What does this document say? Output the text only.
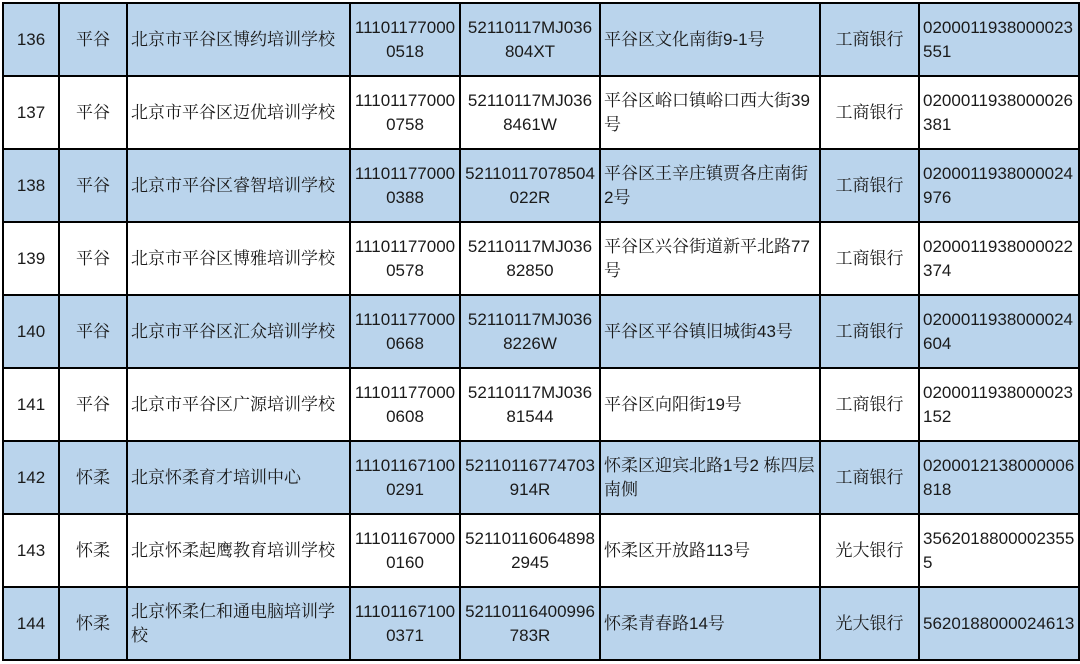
136	平谷	北京市平谷区博约培训学校	111011770000518	52110117MJ036804XT	平谷区文化南街9-1号	工商银行	0200011938000023551
137	平谷	北京市平谷区迈优培训学校	111011770000758	52110117MJ0368461W	平谷区峪口镇峪口西大街39号	工商银行	0200011938000026381
138	平谷	北京市平谷区睿智培训学校	111011770000388	52110117078504022R	平谷区王辛庄镇贾各庄南街2号	工商银行	0200011938000024976
139	平谷	北京市平谷区博雅培训学校	111011770000578	52110117MJ03682850	平谷区兴谷街道新平北路77号	工商银行	0200011938000022374
140	平谷	北京市平谷区汇众培训学校	111011770000668	52110117MJ0368226W	平谷区平谷镇旧城街43号	工商银行	0200011938000024604
141	平谷	北京市平谷区广源培训学校	111011770000608	52110117MJ03681544	平谷区向阳街19号	工商银行	0200011938000023152
142	怀柔	北京怀柔育才培训中心	111011671000291	52110116774703914R	怀柔区迎宾北路1号2 栋四层南侧	工商银行	0200012138000006818
143	怀柔	北京怀柔起鹰教育培训学校	111011670000160	521101160648982945	怀柔区开放路113号	光大银行	35620188000023555
144	怀柔	北京怀柔仁和通电脑培训学校	111011671000371	52110116400996783R	怀柔青春路14号	光大银行	5620188000024613
